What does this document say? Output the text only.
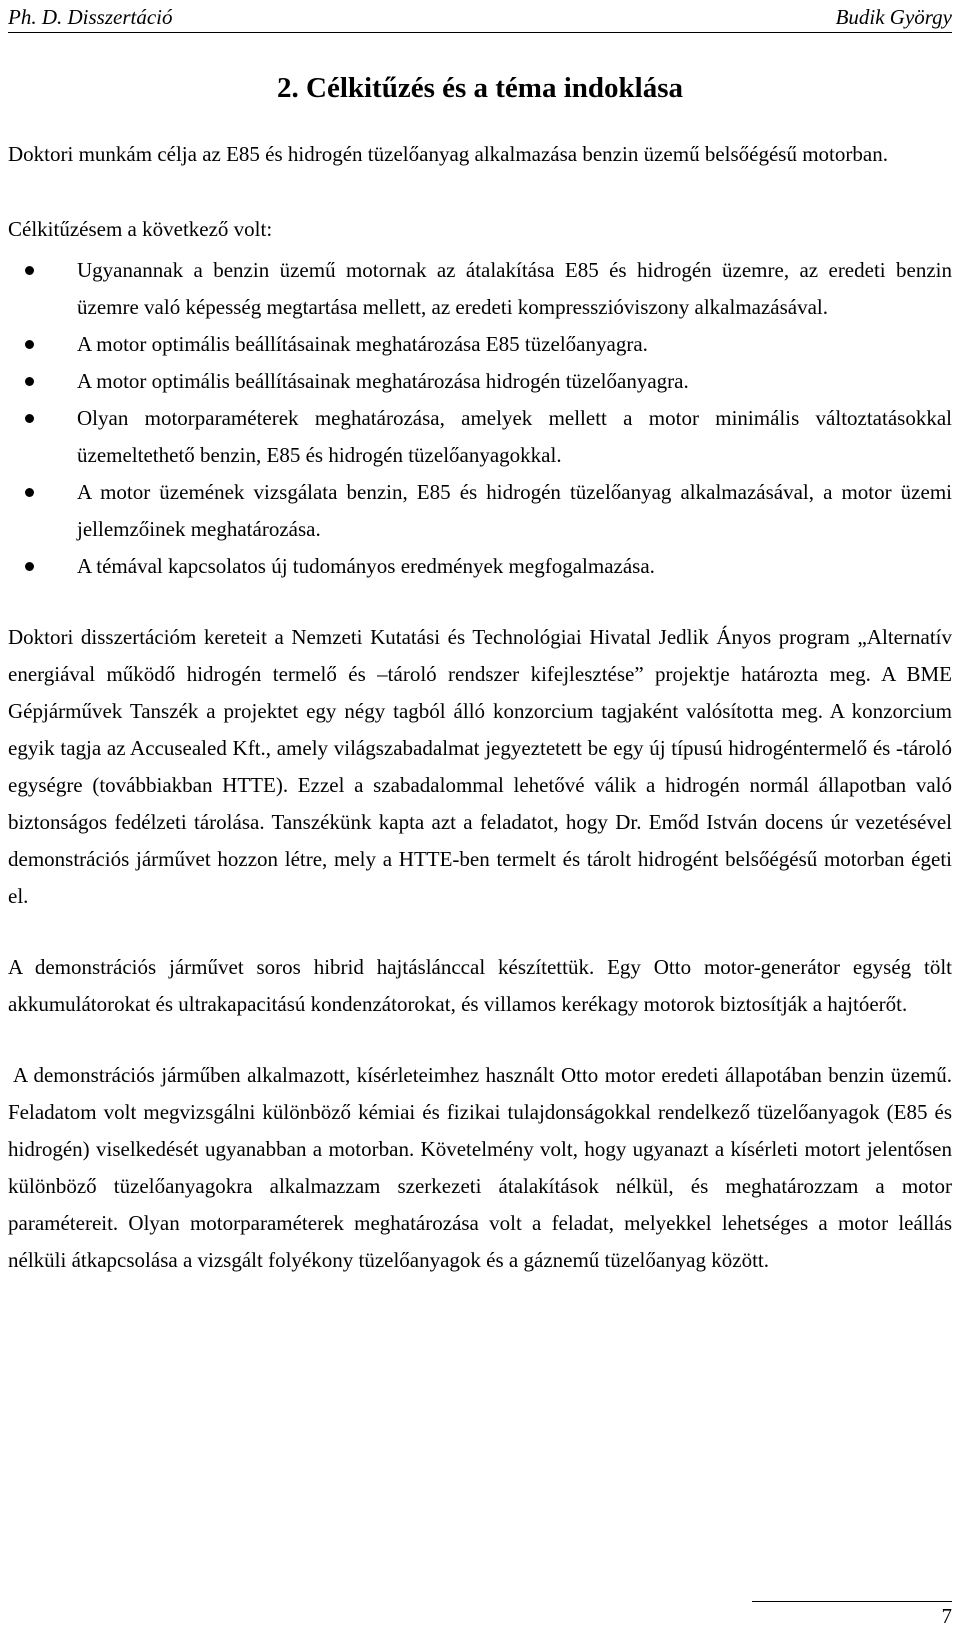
Ph. D. Disszertáció	Budik György
2. Célkitűzés és a téma indoklása

Doktori munkám célja az E85 és hidrogén tüzelőanyag alkalmazása benzin üzemű belsőégésű motorban.

Célkitűzésem a következő volt:

Ugyanannak a benzin üzemű motornak az átalakítása E85 és hidrogén üzemre, az eredeti benzin üzemre való képesség megtartása mellett, az eredeti kompresszióviszony alkalmazásával.
A motor optimális beállításainak meghatározása E85 tüzelőanyagra.
A motor optimális beállításainak meghatározása hidrogén tüzelőanyagra.
Olyan motorparaméterek meghatározása, amelyek mellett a motor minimális változtatásokkal üzemeltethető benzin, E85 és hidrogén tüzelőanyagokkal.
A motor üzemének vizsgálata benzin, E85 és hidrogén tüzelőanyag alkalmazásával, a motor üzemi jellemzőinek meghatározása.
A témával kapcsolatos új tudományos eredmények megfogalmazása.

Doktori disszertációm kereteit a Nemzeti Kutatási és Technológiai Hivatal Jedlik Ányos program „Alternatív energiával működő hidrogén termelő és –tároló rendszer kifejlesztése” projektje határozta meg. A BME Gépjárművek Tanszék a projektet egy négy tagból álló konzorcium tagjaként valósította meg. A konzorcium egyik tagja az Accusealed Kft., amely világszabadalmat jegyeztetett be egy új típusú hidrogéntermelő és -tároló egységre (továbbiakban HTTE). Ezzel a szabadalommal lehetővé válik a hidrogén normál állapotban való biztonságos fedélzeti tárolása. Tanszékünk kapta azt a feladatot, hogy Dr. Emőd István docens úr vezetésével demonstrációs járművet hozzon létre, mely a HTTE-ben termelt és tárolt hidrogént belsőégésű motorban égeti el.

A demonstrációs járművet soros hibrid hajtáslánccal készítettük. Egy Otto motor-generátor egység tölt akkumulátorokat és ultrakapacitású kondenzátorokat, és villamos kerékagy motorok biztosítják a hajtóerőt.

A demonstrációs járműben alkalmazott, kísérleteimhez használt Otto motor eredeti állapotában benzin üzemű. Feladatom volt megvizsgálni különböző kémiai és fizikai tulajdonságokkal rendelkező tüzelőanyagok (E85 és hidrogén) viselkedését ugyanabban a motorban. Követelmény volt, hogy ugyanazt a kísérleti motort jelentősen különböző tüzelőanyagokra alkalmazzam szerkezeti átalakítások nélkül, és meghatározzam a motor paramétereit. Olyan motorparaméterek meghatározása volt a feladat, melyekkel lehetséges a motor leállás nélküli átkapcsolása a vizsgált folyékony tüzelőanyagok és a gáznemű tüzelőanyag között.

7
